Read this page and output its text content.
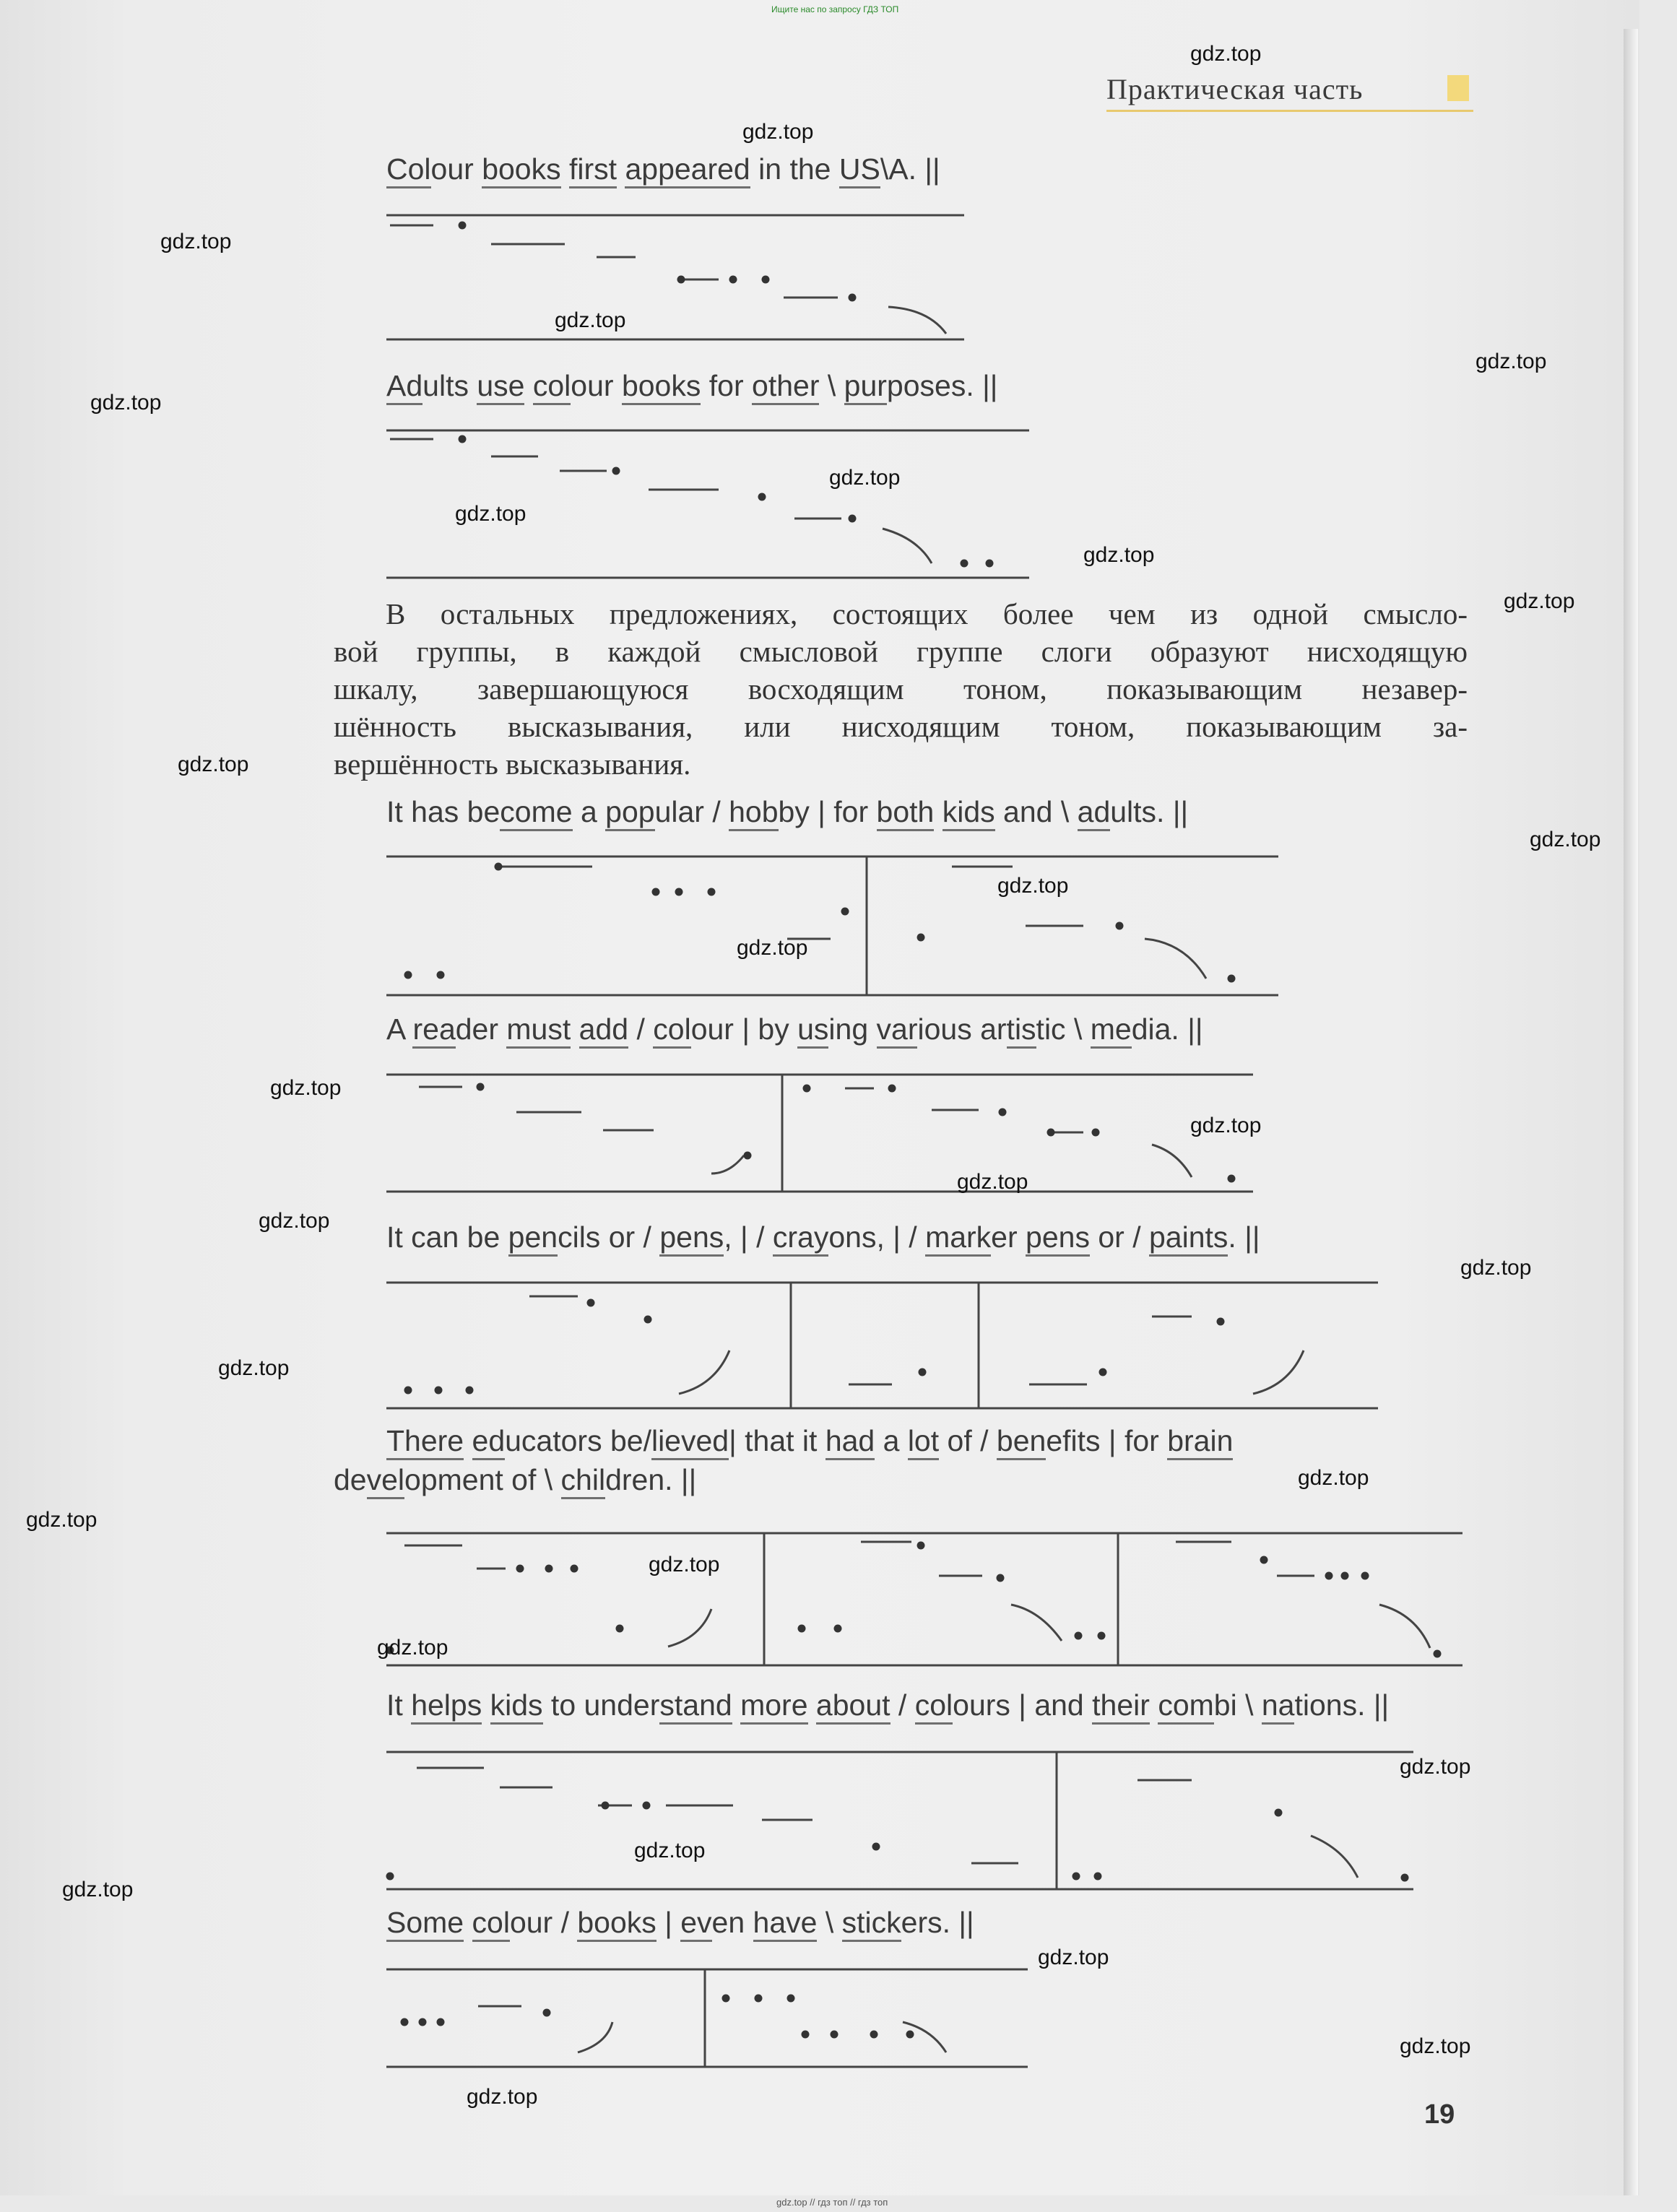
Ищите нас по запросу ГДЗ ТОП
Практическая часть
Colour books first appeared in the US\A. ||
Adults use colour books for other \ purposes. ||
It has become a popular / hobby | for both kids and \ adults. ||
A reader must add / colour | by using various artistic \ media. ||
It can be pencils or / pens, | / crayons, | / marker pens or / paints. ||
There educators be/lieved| that it had a lot of / benefits | for brain
development of \ children. ||
It helps kids to understand more about / colours | and their combi \ nations. ||
Some colour / books | even have \ stickers. ||
В остальных предложениях, состоящих более чем из одной смысло-
вой группы, в каждой смысловой группе слоги образуют нисходящую
шкалу, завершающуюся восходящим тоном, показывающим незавер-
шённость высказывания, или нисходящим тоном, показывающим за-
вершённость высказывания.
gdz.top
gdz.top
gdz.top
gdz.top
gdz.top
gdz.top
gdz.top
gdz.top
gdz.top
gdz.top
gdz.top
gdz.top
gdz.top
gdz.top
gdz.top
gdz.top
gdz.top
gdz.top
gdz.top
gdz.top
gdz.top
gdz.top
gdz.top
gdz.top
gdz.top
gdz.top
gdz.top
gdz.top
gdz.top
gdz.top
19
gdz.top // гдз топ // гдз топ
